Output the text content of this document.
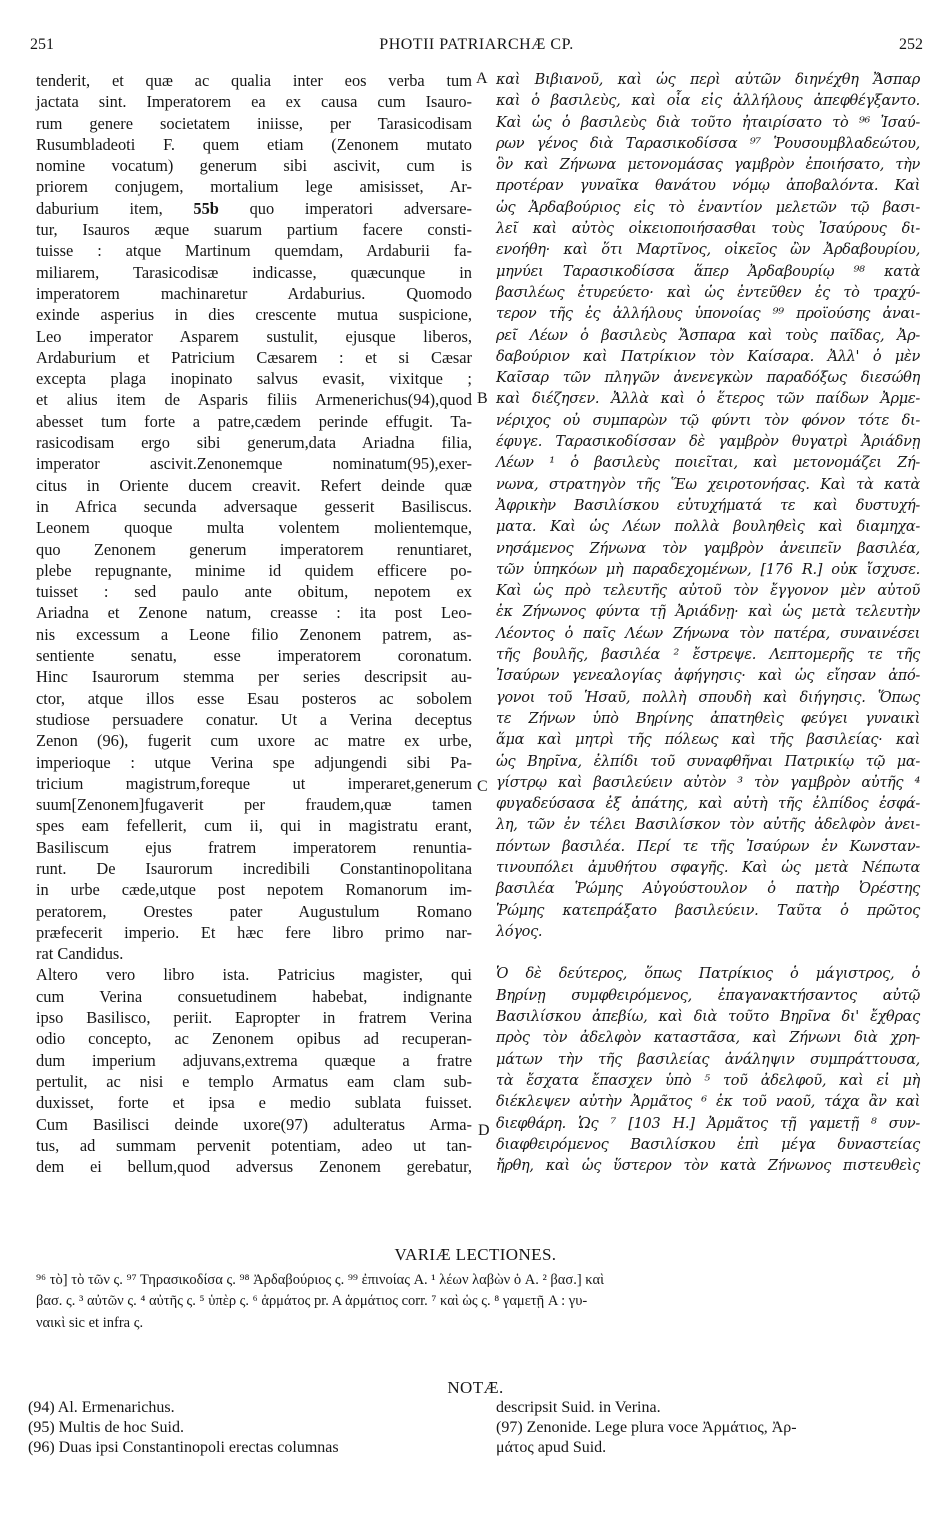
251	PHOTII PATRIARCHÆ CP.	252
tenderit, et quæ ac qualia inter eos verba tum
jactata sint. Imperatorem ea ex causa cum Isauro-
rum genere societatem iniisse, per Tarasicodisam
Rusumbladeoti F. quem etiam (Zenonem mutato
nomine vocatum) generum sibi ascivit, cum is
priorem conjugem, mortalium lege amisisset, Ar-
daburium item, 55b quo imperatori adversare-
tur, Isauros æque suarum partium facere consti-
tuisse : atque Martinum quemdam, Ardaburii fa-
miliarem, Tarasicodisæ indicasse, quæcunque in
imperatorem machinaretur Ardaburius. Quomodo
exinde asperius in dies crescente mutua suspicione,
Leo imperator Asparem sustulit, ejusque liberos,
Ardaburium et Patricium Cæsarem : et si Cæsar
excepta plaga inopinato salvus evasit, vixitque ;
et alius item de Asparis filiis Armenerichus(94),quod
abesset tum forte a patre,cædem perinde effugit. Ta-
rasicodisam ergo sibi generum,data Ariadna filia,
imperator ascivit.Zenonemque nominatum(95),exer-
citus in Oriente ducem creavit. Refert deinde quæ
in Africa secunda adversaque gesserit Basiliscus.
Leonem quoque multa volentem molientemque,
quo Zenonem generum imperatorem renuntiaret,
plebe repugnante, minime id quidem efficere po-
tuisset : sed paulo ante obitum, nepotem ex
Ariadna et Zenone natum, creasse : ita post Leo-
nis excessum a Leone filio Zenonem patrem, as-
sentiente senatu, esse imperatorem coronatum.
Hinc Isaurorum stemma per series descripsit au-
ctor, atque illos esse Esau posteros ac sobolem
studiose persuadere conatur. Ut a Verina deceptus
Zenon (96), fugerit cum uxore ac matre ex urbe,
imperioque : utque Verina spe adjungendi sibi Pa-
tricium magistrum,foreque ut imperaret,generum
suum[Zenonem]fugaverit per fraudem,quæ tamen
spes eam fefellerit, cum ii, qui in magistratu erant,
Basiliscum ejus fratrem imperatorem renuntia-
runt. De Isaurorum incredibili Constantinopolitana
in urbe cæde,utque post nepotem Romanorum im-
peratorem, Orestes pater Augustulum Romano
præfecerit imperio. Et hæc fere libro primo nar-
rat Candidus.
Altero vero libro ista. Patricius magister, qui
cum Verina consuetudinem habebat, indignante
ipso Basilisco, periit. Eapropter in fratrem Verina
odio concepto, ac Zenonem opibus ad recuperan-
dum imperium adjuvans,extrema quæque a fratre
pertulit, ac nisi e templo Armatus eam clam sub-
duxisset, forte et ipsa e medio sublata fuisset.
Cum Basilisci deinde uxore(97) adulteratus Arma-
tus, ad summam pervenit potentiam, adeo ut tan-
dem ei bellum,quod adversus Zenonem gerebatur,
καὶ Βιβιανοῦ, καὶ ὡς περὶ αὐτῶν διηνέχθη Ἄσπαρ
καὶ ὁ βασιλεὺς, καὶ οἷα εἰς ἀλλήλους ἀπεφθέγξαντο.
Καὶ ὡς ὁ βασιλεὺς διὰ τοῦτο ἠταιρίσατο τὸ ⁹⁶ Ἰσαύ-
ρων γένος διὰ Ταρασικοδίσσα ⁹⁷ Ῥουσουμβλαδεώτου,
ὃν καὶ Ζήνωνα μετονομάσας γαμβρὸν ἐποιήσατο, τὴν
προτέραν γυναῖκα θανάτου νόμῳ ἀποβαλόντα. Καὶ
ὡς Ἀρδαβούριος εἰς τὸ ἐναντίον μελετῶν τῷ βασι-
λεῖ καὶ αὐτὸς οἰκειοποιήσασθαι τοὺς Ἰσαύρους δι-
ενοήθη· καὶ ὅτι Μαρτῖνος, οἰκεῖος ὢν Ἀρδαβουρίου,
μηνύει Ταρασικοδίσσα ἅπερ Ἀρδαβουρίῳ ⁹⁸ κατὰ
βασιλέως ἐτυρεύετο· καὶ ὡς ἐντεῦθεν ἐς τὸ τραχύ-
τερον τῆς ἐς ἀλλήλους ὑπονοίας ⁹⁹ προϊούσης ἀναι-
ρεῖ Λέων ὁ βασιλεὺς Ἄσπαρα καὶ τοὺς παῖδας, Ἀρ-
δαβούριον καὶ Πατρίκιον τὸν Καίσαρα. Ἀλλ' ὁ μὲν
Καῖσαρ τῶν πληγῶν ἀνενεγκὼν παραδόξως διεσώθη
καὶ διέζησεν. Ἀλλὰ καὶ ὁ ἕτερος τῶν παίδων Ἀρμε-
νέριχος οὐ συμπαρὼν τῷ φύντι τὸν φόνον τότε δι-
έφυγε. Ταρασικοδίσσαν δὲ γαμβρὸν θυγατρὶ Ἀριάδνῃ
Λέων ¹ ὁ βασιλεὺς ποιεῖται, καὶ μετονομάζει Ζή-
νωνα, στρατηγὸν τῆς Ἕω χειροτονήσας. Καὶ τὰ κατὰ
Ἀφρικὴν Βασιλίσκου εὐτυχήματά τε καὶ δυστυχή-
ματα. Καὶ ὡς Λέων πολλὰ βουληθεὶς καὶ διαμηχα-
νησάμενος Ζήνωνα τὸν γαμβρὸν ἀνειπεῖν βασιλέα,
τῶν ὑπηκόων μὴ παραδεχομένων, [176 R.] οὐκ ἴσχυσε.
Καὶ ὡς πρὸ τελευτῆς αὐτοῦ τὸν ἔγγονον μὲν αὐτοῦ
ἐκ Ζήνωνος φύντα τῇ Ἀριάδνῃ· καὶ ὡς μετὰ τελευτὴν
Λέοντος ὁ παῖς Λέων Ζήνωνα τὸν πατέρα, συναινέσει
τῆς βουλῆς, βασιλέα ² ἔστρεψε. Λεπτομερῆς τε τῆς
Ἰσαύρων γενεαλογίας ἀφήγησις· καὶ ὡς εἴησαν ἀπό-
γονοι τοῦ Ἡσαῦ, πολλὴ σπουδὴ καὶ διήγησις. Ὅπως
τε Ζήνων ὑπὸ Βηρίνης ἀπατηθεὶς φεύγει γυναικὶ
ἅμα καὶ μητρὶ τῆς πόλεως καὶ τῆς βασιλείας· καὶ
ὡς Βηρῖνα, ἐλπίδι τοῦ συναφθῆναι Πατρικίῳ τῷ μα-
γίστρῳ καὶ βασιλεύειν αὐτὸν ³ τὸν γαμβρὸν αὐτῆς ⁴
φυγαδεύσασα ἐξ ἀπάτης, καὶ αὐτὴ τῆς ἐλπίδος ἐσφά-
λη, τῶν ἐν τέλει Βασιλίσκον τὸν αὐτῆς ἀδελφὸν ἀνει-
πόντων βασιλέα. Περί τε τῆς Ἰσαύρων ἐν Κωνσταν-
τινουπόλει ἀμυθήτου σφαγῆς. Καὶ ὡς μετὰ Νέπωτα
βασιλέα Ῥώμης Αὐγούστουλον ὁ πατὴρ Ὀρέστης
Ῥώμης κατεπράξατο βασιλεύειν. Ταῦτα ὁ πρῶτος
λόγος.
Ὁ δὲ δεύτερος, ὅπως Πατρίκιος ὁ μάγιστρος, ὁ
Βηρίνῃ συμφθειρόμενος, ἐπαγανακτήσαντος αὐτῷ
Βασιλίσκου ἀπεβίω, καὶ διὰ τοῦτο Βηρῖνα δι' ἔχθρας
πρὸς τὸν ἀδελφὸν καταστᾶσα, καὶ Ζήνωνι διὰ χρη-
μάτων τὴν τῆς βασιλείας ἀνάληψιν συμπράττουσα,
τὰ ἔσχατα ἔπασχεν ὑπὸ ⁵ τοῦ ἀδελφοῦ, καὶ εἰ μὴ
διέκλεψεν αὐτὴν Ἀρμᾶτος ⁶ ἐκ τοῦ ναοῦ, τάχα ἂν καὶ
διεφθάρη. Ὡς ⁷ [103 H.] Ἀρμᾶτος τῇ γαμετῇ ⁸ συν-
διαφθειρόμενος Βασιλίσκου ἐπὶ μέγα δυναστείας
ἤρθη, καὶ ὡς ὕστερον τὸν κατὰ Ζήνωνος πιστευθεὶς
A
B
C
D
VARIÆ LECTIONES.
⁹⁶ τὸ] τὸ τῶν ς. ⁹⁷ Τηρασικοδίσα ς. ⁹⁸ Ἀρδαβούριος ς. ⁹⁹ ἐπινοίας A. ¹ λέων λαβὼν ὁ A. ² βασ.] καὶ
βασ. ς. ³ αὐτῶν ς. ⁴ αὐτῆς ς. ⁵ ὑπὲρ ς. ⁶ ἁρμάτος pr. A ἁρμάτιος corr. ⁷ καὶ ὡς ς. ⁸ γαμετῇ A : γυ-
ναικὶ sic et infra ς.
NOTÆ.
(94) Al. Ermenarichus.
(95) Multis de hoc Suid.
(96) Duas ipsi Constantinopoli erectas columnas
descripsit Suid. in Verina.
(97) Zenonide. Lege plura voce Ἀρμάτιος, Ἀρ-
μάτος apud Suid.
